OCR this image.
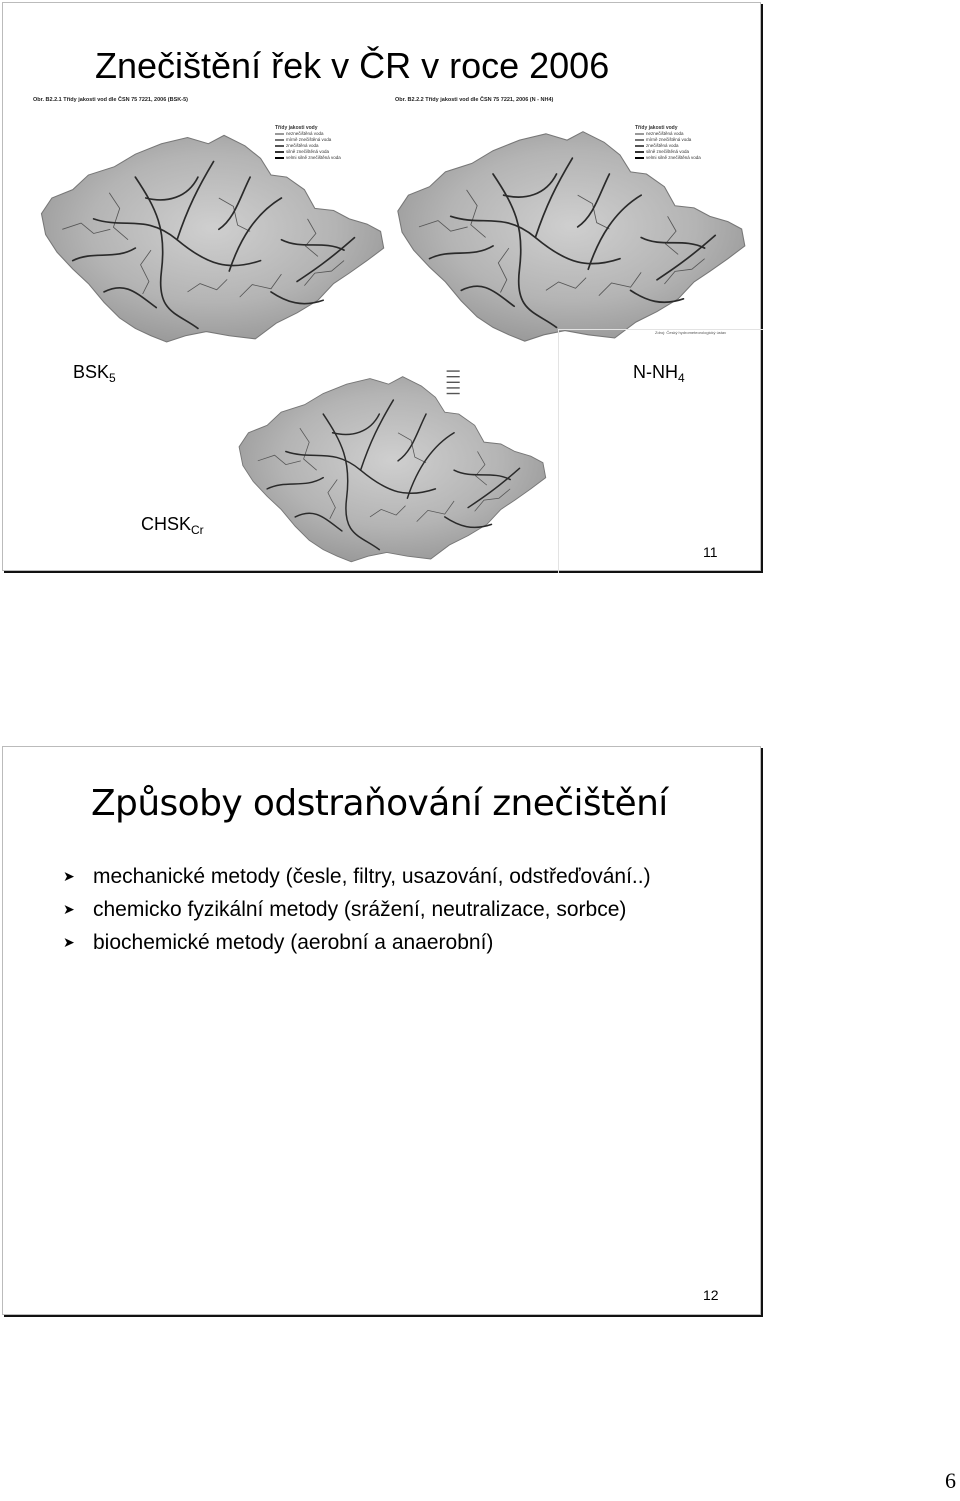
Znečištění řek v ČR v roce 2006
Obr. B2.2.1 Třídy jakosti vod dle ČSN 75 7221, 2006 (BSK-5)
Třídy jakosti vody
neznečištěná voda
mírně znečištěná voda
znečištěná voda
silně znečištěná voda
velmi silně znečištěná voda
Obr. B2.2.2 Třídy jakosti vod dle ČSN 75 7221, 2006 (N - NH4)
Třídy jakosti vody
neznečištěná voda
mírně znečištěná voda
znečištěná voda
silně znečištěná voda
velmi silně znečištěná voda
Zdroj: Český hydrometeorologický ústav
$BSK_5$	$N-NH_4$
$CHSK_{Cr}$
11
Způsoby odstraňování znečištění
➤ mechanické metody (česle, filtry, usazování, odstřeďování..)
➤ chemicko fyzikální metody (srážení, neutralizace, sorbce)
➤ biochemické metody (aerobní a anaerobní)
12
6
